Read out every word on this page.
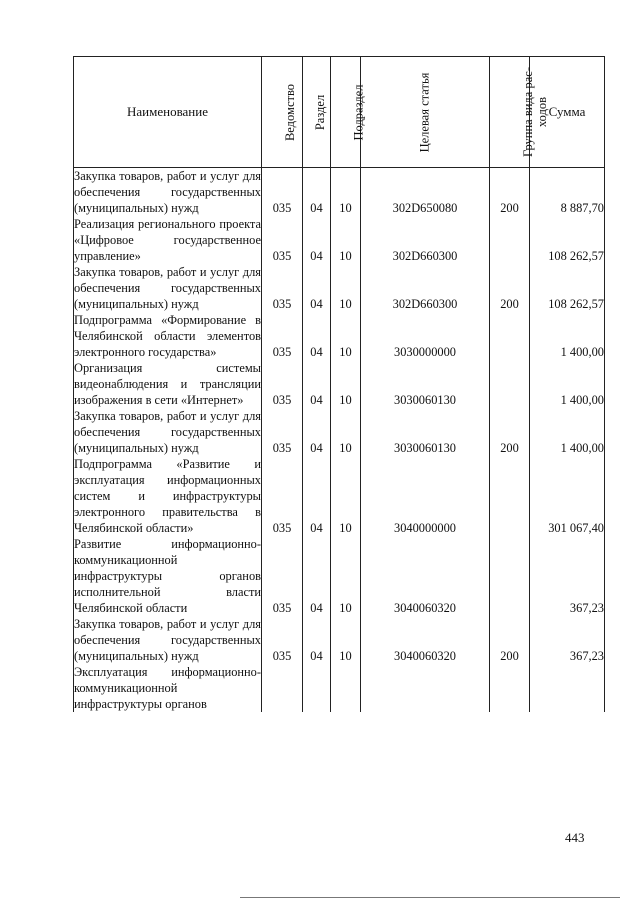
Наименование	Ведомство	Раздел	Подраздел	Целевая статья	Группа вида рас-
ходов	Сумма
Закупка товаров, работ и услуг для обеспечения государственных (муниципальных) нужд	035	04	10	302D650080	200	8 887,70
Реализация регионального проекта «Цифровое государственное управление»	035	04	10	302D660300		108 262,57
Закупка товаров, работ и услуг для обеспечения государственных (муниципальных) нужд	035	04	10	302D660300	200	108 262,57
Подпрограмма «Формирование в Челябинской области элементов электронного государства»	035	04	10	3030000000		1 400,00
Организация системы видеонаблюдения и трансляции изображения в сети «Интернет»	035	04	10	3030060130		1 400,00
Закупка товаров, работ и услуг для обеспечения государственных (муниципальных) нужд	035	04	10	3030060130	200	1 400,00
Подпрограмма «Развитие и эксплуатация информационных систем и инфраструктуры электронного правительства в Челябинской области»	035	04	10	3040000000		301 067,40
Развитие информационно-коммуникационной инфраструктуры органов исполнительной власти Челябинской области	035	04	10	3040060320		367,23
Закупка товаров, работ и услуг для обеспечения государственных (муниципальных) нужд	035	04	10	3040060320	200	367,23
Эксплуатация информационно-коммуникационной инфраструктуры органов						
443
